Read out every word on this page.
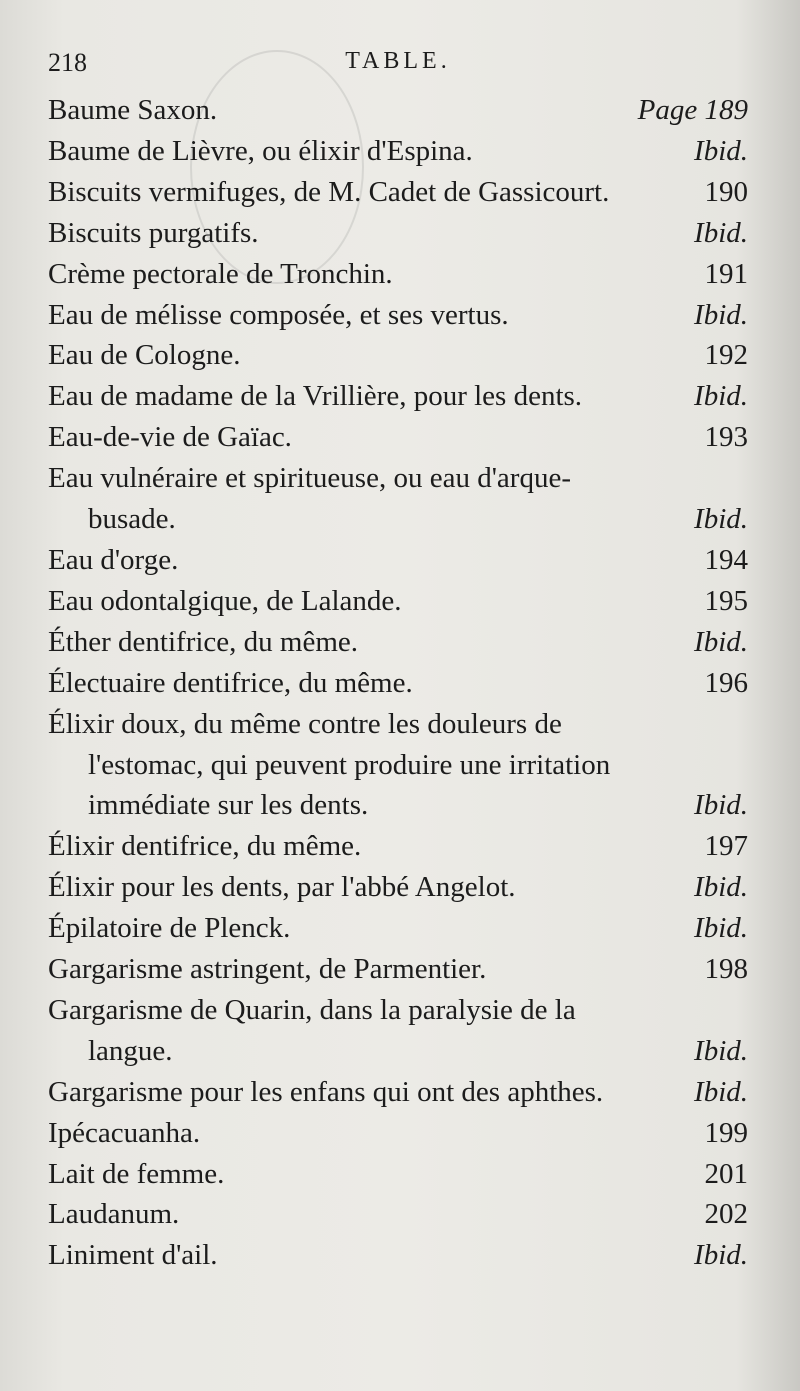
218	TABLE.
Baume Saxon.	Page 189
Baume de Lièvre, ou élixir d'Espina.	Ibid.
Biscuits vermifuges, de M. Cadet de Gassicourt.	190
Biscuits purgatifs.	Ibid.
Crème pectorale de Tronchin.	191
Eau de mélisse composée, et ses vertus.	Ibid.
Eau de Cologne.	192
Eau de madame de la Vrillière, pour les dents.	Ibid.
Eau-de-vie de Gaïac.	193
Eau vulnéraire et spiritueuse, ou eau d'arque-
busade.	Ibid.
Eau d'orge.	194
Eau odontalgique, de Lalande.	195
Éther dentifrice, du même.	Ibid.
Électuaire dentifrice, du même.	196
Élixir doux, du même contre les douleurs de
l'estomac, qui peuvent produire une irritation
immédiate sur les dents.	Ibid.
Élixir dentifrice, du même.	197
Élixir pour les dents, par l'abbé Angelot.	Ibid.
Épilatoire de Plenck.	Ibid.
Gargarisme astringent, de Parmentier.	198
Gargarisme de Quarin, dans la paralysie de la
langue.	Ibid.
Gargarisme pour les enfans qui ont des aphthes.	Ibid.
Ipécacuanha.	199
Lait de femme.	201
Laudanum.	202
Liniment d'ail.	Ibid.
